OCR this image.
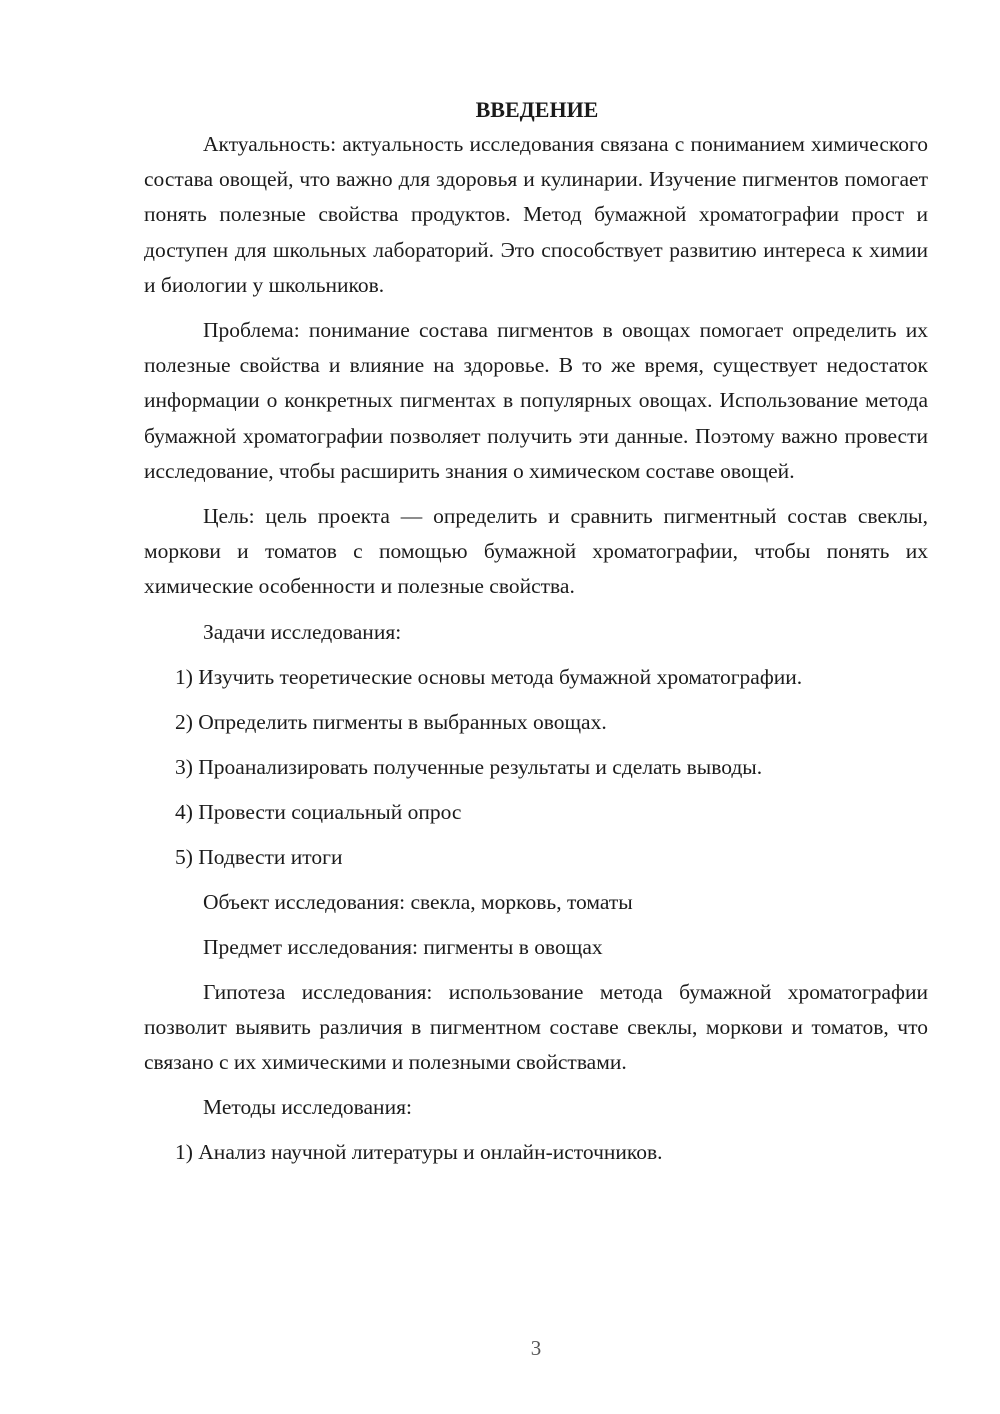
ВВЕДЕНИЕ

Актуальность: актуальность исследования связана с пониманием химического состава овощей, что важно для здоровья и кулинарии. Изучение пигментов помогает понять полезные свойства продуктов. Метод бумажной хроматографии прост и доступен для школьных лабораторий. Это способствует развитию интереса к химии и биологии у школьников.

Проблема: понимание состава пигментов в овощах помогает определить их полезные свойства и влияние на здоровье. В то же время, существует недостаток информации о конкретных пигментах в популярных овощах. Использование метода бумажной хроматографии позволяет получить эти данные. Поэтому важно провести исследование, чтобы расширить знания о химическом составе овощей.

Цель: цель проекта — определить и сравнить пигментный состав свеклы, моркови и томатов с помощью бумажной хроматографии, чтобы понять их химические особенности и полезные свойства.

Задачи исследования:

1) Изучить теоретические основы метода бумажной хроматографии.

2) Определить пигменты в выбранных овощах.

3) Проанализировать полученные результаты и сделать выводы.

4) Провести социальный опрос

5) Подвести итоги

Объект исследования: свекла, морковь, томаты

Предмет исследования: пигменты в овощах

Гипотеза исследования: использование метода бумажной хроматографии позволит выявить различия в пигментном составе свеклы, моркови и томатов, что связано с их химическими и полезными свойствами.

Методы исследования:

1) Анализ научной литературы и онлайн-источников.

3
